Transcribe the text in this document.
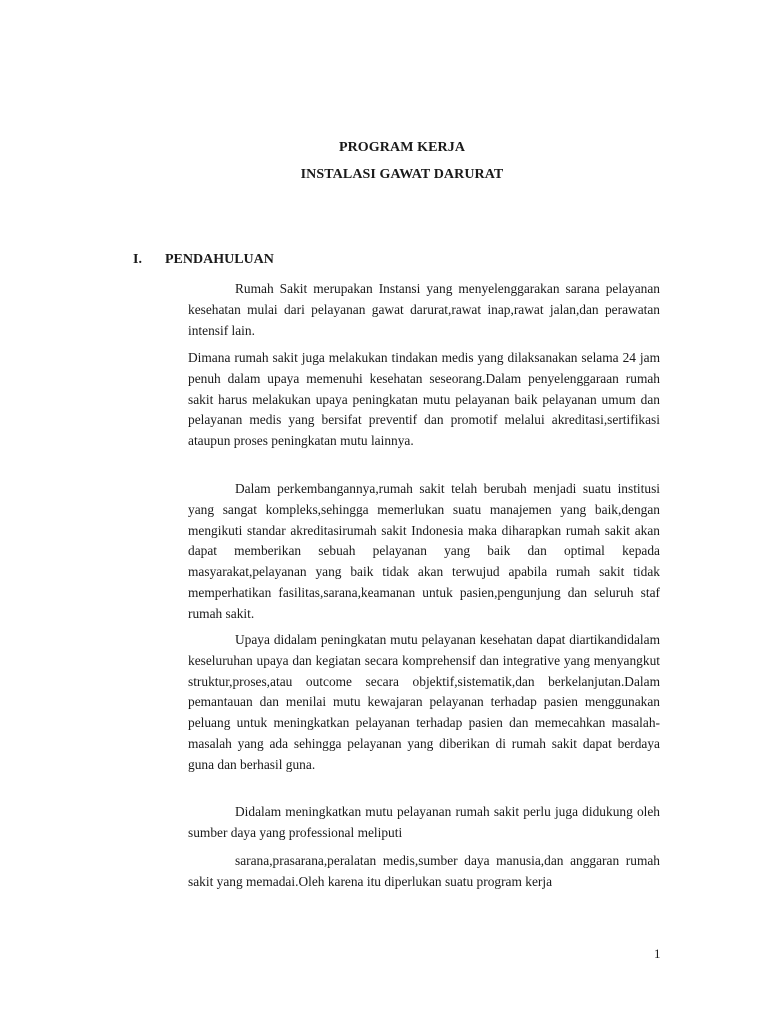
PROGRAM KERJA
INSTALASI GAWAT DARURAT
I. PENDAHULUAN

Rumah Sakit merupakan Instansi yang menyelenggarakan sarana pelayanan kesehatan mulai dari pelayanan gawat darurat,rawat inap,rawat jalan,dan perawatan intensif lain.

Dimana rumah sakit juga melakukan tindakan medis yang dilaksanakan selama 24 jam penuh dalam upaya memenuhi kesehatan seseorang.Dalam penyelenggaraan rumah sakit harus melakukan upaya peningkatan mutu pelayanan baik pelayanan umum dan pelayanan medis yang bersifat preventif dan promotif melalui akreditasi,sertifikasi ataupun proses peningkatan mutu lainnya.

Dalam perkembangannya,rumah sakit telah berubah menjadi suatu institusi yang sangat kompleks,sehingga memerlukan suatu manajemen yang baik,dengan mengikuti standar akreditasirumah sakit Indonesia maka diharapkan rumah sakit akan dapat memberikan sebuah pelayanan yang baik dan optimal kepada masyarakat,pelayanan yang baik tidak akan terwujud apabila rumah sakit tidak memperhatikan fasilitas,sarana,keamanan untuk pasien,pengunjung dan seluruh staf rumah sakit.

Upaya didalam peningkatan mutu pelayanan kesehatan dapat diartikandidalam keseluruhan upaya dan kegiatan secara komprehensif dan integrative yang menyangkut struktur,proses,atau outcome secara objektif,sistematik,dan berkelanjutan.Dalam pemantauan dan menilai mutu kewajaran pelayanan terhadap pasien menggunakan peluang untuk meningkatkan pelayanan terhadap pasien dan memecahkan masalah-masalah yang ada sehingga pelayanan yang diberikan di rumah sakit dapat berdaya guna dan berhasil guna.

Didalam meningkatkan mutu pelayanan rumah sakit perlu juga didukung oleh sumber daya yang professional meliputi

sarana,prasarana,peralatan medis,sumber daya manusia,dan anggaran rumah sakit yang memadai.Oleh karena itu diperlukan suatu program kerja

1
